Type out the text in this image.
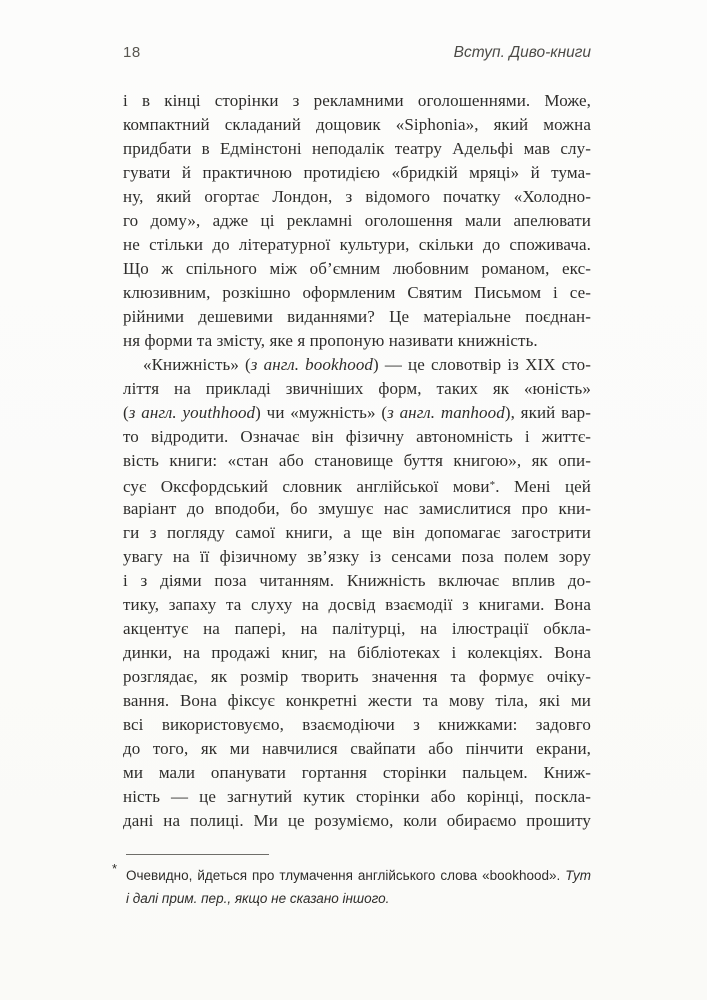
18	Вступ. Диво-книги
і в кінці сторінки з рекламними оголошеннями. Може,
компактний складаний дощовик «Siphonia», який можна
придбати в Едмінстоні неподалік театру Адельфі мав слу-
гувати й практичною протидією «бридкій мряці» й тума-
ну, який огортає Лондон, з відомого початку «Холодно-
го дому», адже ці рекламні оголошення мали апелювати
не стільки до літературної культури, скільки до споживача.
Що ж спільного між об’ємним любовним романом, екс-
клюзивним, розкішно оформленим Святим Письмом і се-
рійними дешевими виданнями? Це матеріальне поєднан-
ня форми та змісту, яке я пропоную називати книжність.
«Книжність» (з англ. bookhood) — це словотвір із XIX сто-
ліття на прикладі звичніших форм, таких як «юність»
(з англ. youthhood) чи «мужність» (з англ. manhood), який вар-
то відродити. Означає він фізичну автономність і життє-
вість книги: «стан або становище буття книгою», як опи-
сує Оксфордський словник англійської мови*. Мені цей
варіант до вподоби, бо змушує нас замислитися про кни-
ги з погляду самої книги, а ще він допомагає загострити
увагу на її фізичному зв’язку із сенсами поза полем зору
і з діями поза читанням. Книжність включає вплив до-
тику, запаху та слуху на досвід взаємодії з книгами. Вона
акцентує на папері, на палітурці, на ілюстрації обкла-
динки, на продажі книг, на бібліотеках і колекціях. Вона
розглядає, як розмір творить значення та формує очіку-
вання. Вона фіксує конкретні жести та мову тіла, які ми
всі використовуємо, взаємодіючи з книжками: задовго
до того, як ми навчилися свайпати або пінчити екрани,
ми мали опанувати гортання сторінки пальцем. Книж-
ність — це загнутий кутик сторінки або корінці, поскла-
дані на полиці. Ми це розуміємо, коли обираємо прошиту
* Очевидно, йдеться про тлумачення англійського слова «bookhood». Тут
і далі прим. пер., якщо не сказано іншого.
